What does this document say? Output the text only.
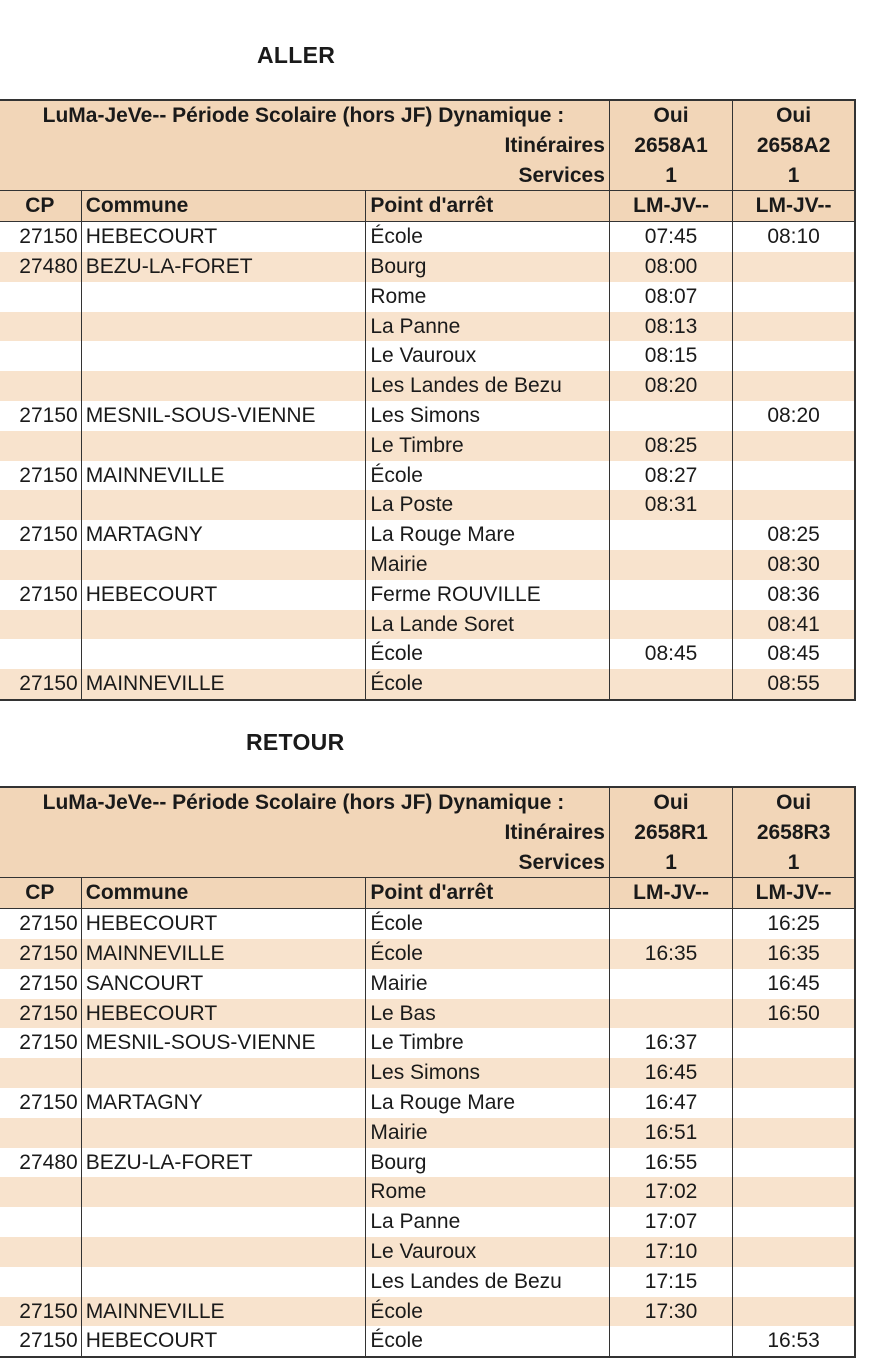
ALLER
LuMa-JeVe-- Période Scolaire (hors JF) Dynamique :			Oui	Oui
Itinéraires			2658A1	2658A2
Services			1	1
CP	Commune	Point d'arrêt	LM-JV--	LM-JV--
27150	HEBECOURT	École	07:45	08:10
27480	BEZU-LA-FORET	Bourg	08:00	
		Rome	08:07	
		La Panne	08:13	
		Le Vauroux	08:15	
		Les Landes de Bezu	08:20	
27150	MESNIL-SOUS-VIENNE	Les Simons		08:20
		Le Timbre	08:25	
27150	MAINNEVILLE	École	08:27	
		La Poste	08:31	
27150	MARTAGNY	La Rouge Mare		08:25
		Mairie		08:30
27150	HEBECOURT	Ferme ROUVILLE		08:36
		La Lande Soret		08:41
		École	08:45	08:45
27150	MAINNEVILLE	École		08:55
RETOUR
LuMa-JeVe-- Période Scolaire (hors JF) Dynamique :			Oui	Oui
Itinéraires			2658R1	2658R3
Services			1	1
CP	Commune	Point d'arrêt	LM-JV--	LM-JV--
27150	HEBECOURT	École		16:25
27150	MAINNEVILLE	École	16:35	16:35
27150	SANCOURT	Mairie		16:45
27150	HEBECOURT	Le Bas		16:50
27150	MESNIL-SOUS-VIENNE	Le Timbre	16:37	
		Les Simons	16:45	
27150	MARTAGNY	La Rouge Mare	16:47	
		Mairie	16:51	
27480	BEZU-LA-FORET	Bourg	16:55	
		Rome	17:02	
		La Panne	17:07	
		Le Vauroux	17:10	
		Les Landes de Bezu	17:15	
27150	MAINNEVILLE	École	17:30	
27150	HEBECOURT	École		16:53
